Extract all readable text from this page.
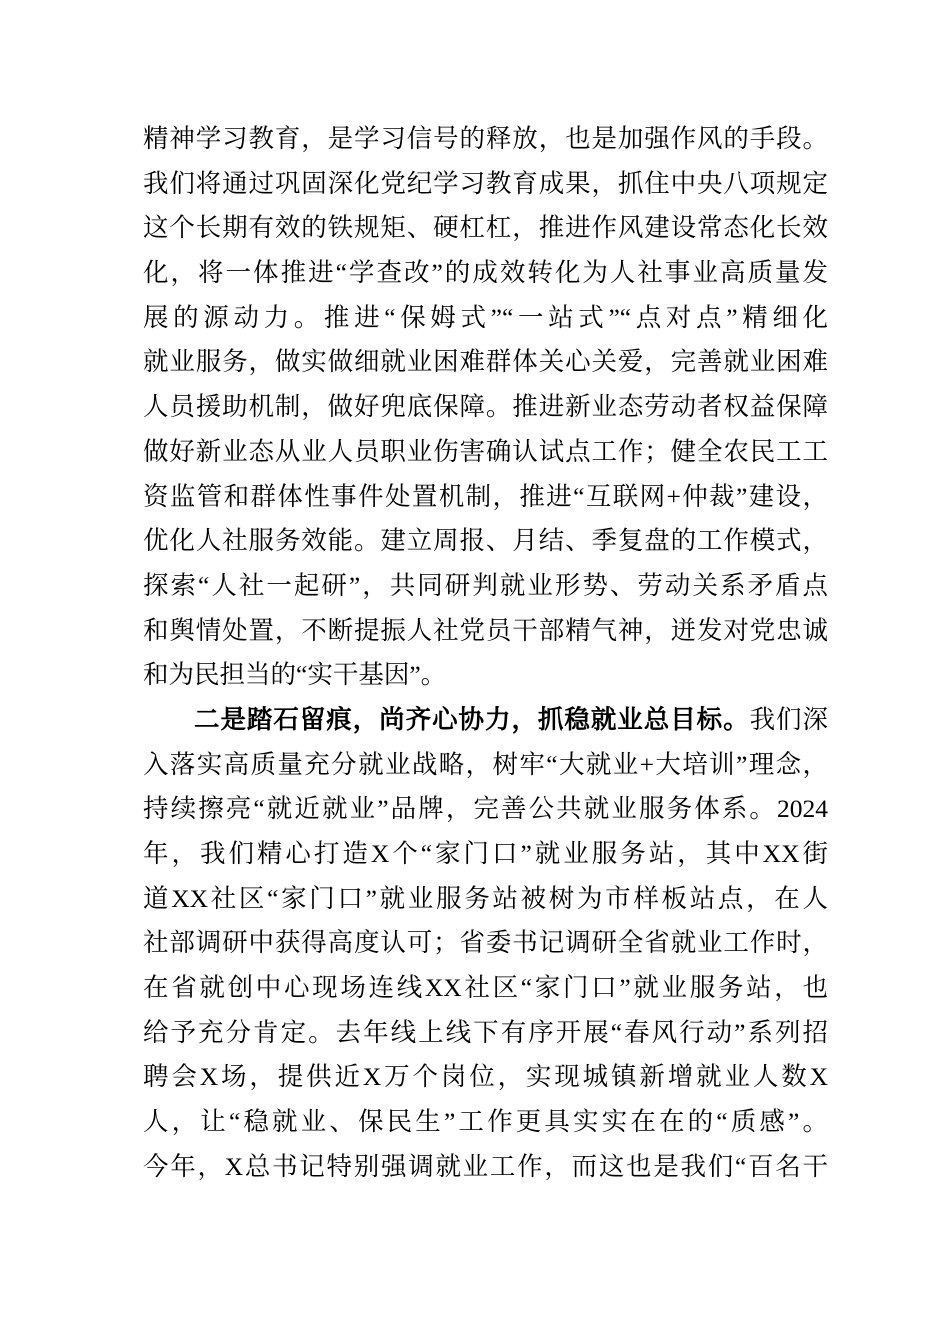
精神学习教育，是学习信号的释放，也是加强作风的手段。
我们将通过巩固深化党纪学习教育成果，抓住中央八项规定
这个长期有效的铁规矩、硬杠杠，推进作风建设常态化长效
化，将一体推进“学查改”的成效转化为人社事业高质量发
展的源动力。推进“保姆式”“一站式”“点对点”精细化
就业服务，做实做细就业困难群体关心关爱，完善就业困难
人员援助机制，做好兜底保障。推进新业态劳动者权益保障
做好新业态从业人员职业伤害确认试点工作；健全农民工工
资监管和群体性事件处置机制，推进“互联网+仲裁”建设，
优化人社服务效能。建立周报、月结、季复盘的工作模式，
探索“人社一起研”，共同研判就业形势、劳动关系矛盾点
和舆情处置，不断提振人社党员干部精气神，迸发对党忠诚
和为民担当的“实干基因”。
二是踏石留痕，尚齐心协力，抓稳就业总目标。我们深
入落实高质量充分就业战略，树牢“大就业+大培训”理念，
持续擦亮“就近就业”品牌，完善公共就业服务体系。2024
年，我们精心打造X个“家门口”就业服务站，其中XX街
道XX社区“家门口”就业服务站被树为市样板站点，在人
社部调研中获得高度认可；省委书记调研全省就业工作时，
在省就创中心现场连线XX社区“家门口”就业服务站，也
给予充分肯定。去年线上线下有序开展“春风行动”系列招
聘会X场，提供近X万个岗位，实现城镇新增就业人数X
人，让“稳就业、保民生”工作更具实实在在的“质感”。
今年，X总书记特别强调就业工作，而这也是我们“百名干
